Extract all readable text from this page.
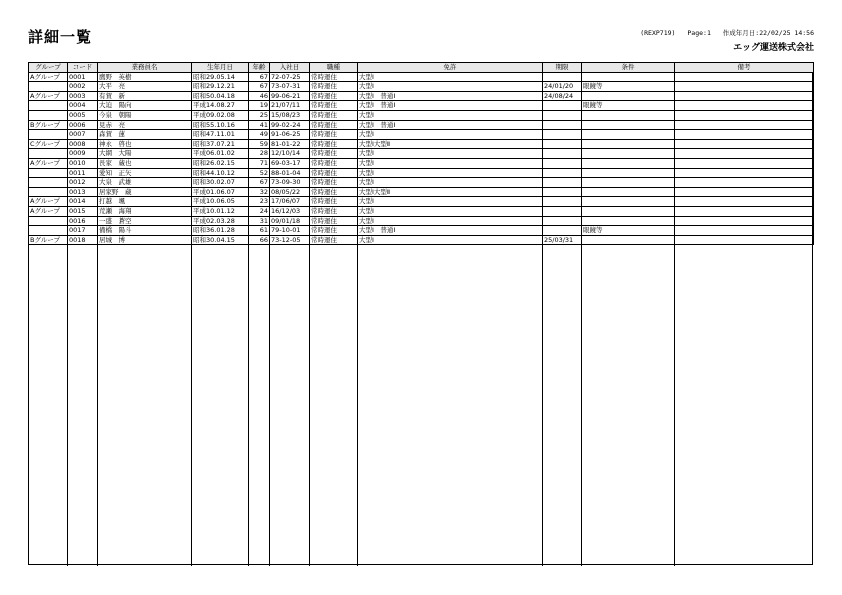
詳細一覧	(REXP719) Page:1 作成年月日:22/02/25 14:56
エッグ運送株式会社
グループ	コード	業務員名	生年月日	年齢	入社日	職種	免許	期限	条件	備考
Aグループ	0001	鷹野　英樹	昭和29.05.14	67	72-07-25	常時運住	大型Ⅰ			
	0002	大平　亮	昭和29.12.21	67	73-07-31	常時運住	大型Ⅰ	24/01/20	眼鏡等	
Aグループ	0003	有賀　新	昭和50.04.18	46	99-06-21	常時運住	大型Ⅰ　普通Ⅰ	24/08/24		
	0004	大迫　陽向	平成14.08.27	19	21/07/11	常時運住	大型Ⅰ　普通Ⅰ		眼鏡等	
	0005	今泉　朝陽	平成09.02.08	25	15/08/23	常時運住	大型Ⅰ			
Bグループ	0006	見赤　亮	昭和55.10.16	41	99-02-24	常時運住	大型Ⅰ　普通Ⅰ			
	0007	森賀　蓮	昭和47.11.01	49	91-06-25	常時運住	大型Ⅰ			
Cグループ	0008	神永　啓也	昭和37.07.21	59	81-01-22	常時運住	大型Ⅰ大型Ⅱ			
	0009	大網　大陽	平成06.01.02	28	12/10/14	常時運住	大型Ⅰ			
Aグループ	0010	長家　蔵也	昭和26.02.15	71	69-03-17	常時運住	大型Ⅰ			
	0011	愛知　正矢	昭和44.10.12	52	88-01-04	常時運住	大型Ⅰ			
	0012	大泉　武雄	昭和30.02.07	67	73-09-30	常時運住	大型Ⅰ			
	0013	居家野　蔵	平成01.06.07	32	08/05/22	常時運住	大型Ⅰ大型Ⅱ			
Aグループ	0014	打越　颯	平成10.06.05	23	17/06/07	常時運住	大型Ⅰ			
Aグループ	0015	荒瀬　海翔	平成10.01.12	24	16/12/03	常時運住	大型Ⅰ			
	0016	一盛　蒼空	平成02.03.28	31	09/01/18	常時運住	大型Ⅰ			
	0017	備橋　陽斗	昭和36.01.28	61	79-10-01	常時運住	大型Ⅰ　普通Ⅰ		眼鏡等	
Bグループ	0018	居城　博	昭和30.04.15	66	73-12-05	常時運住	大型Ⅰ	25/03/31		
